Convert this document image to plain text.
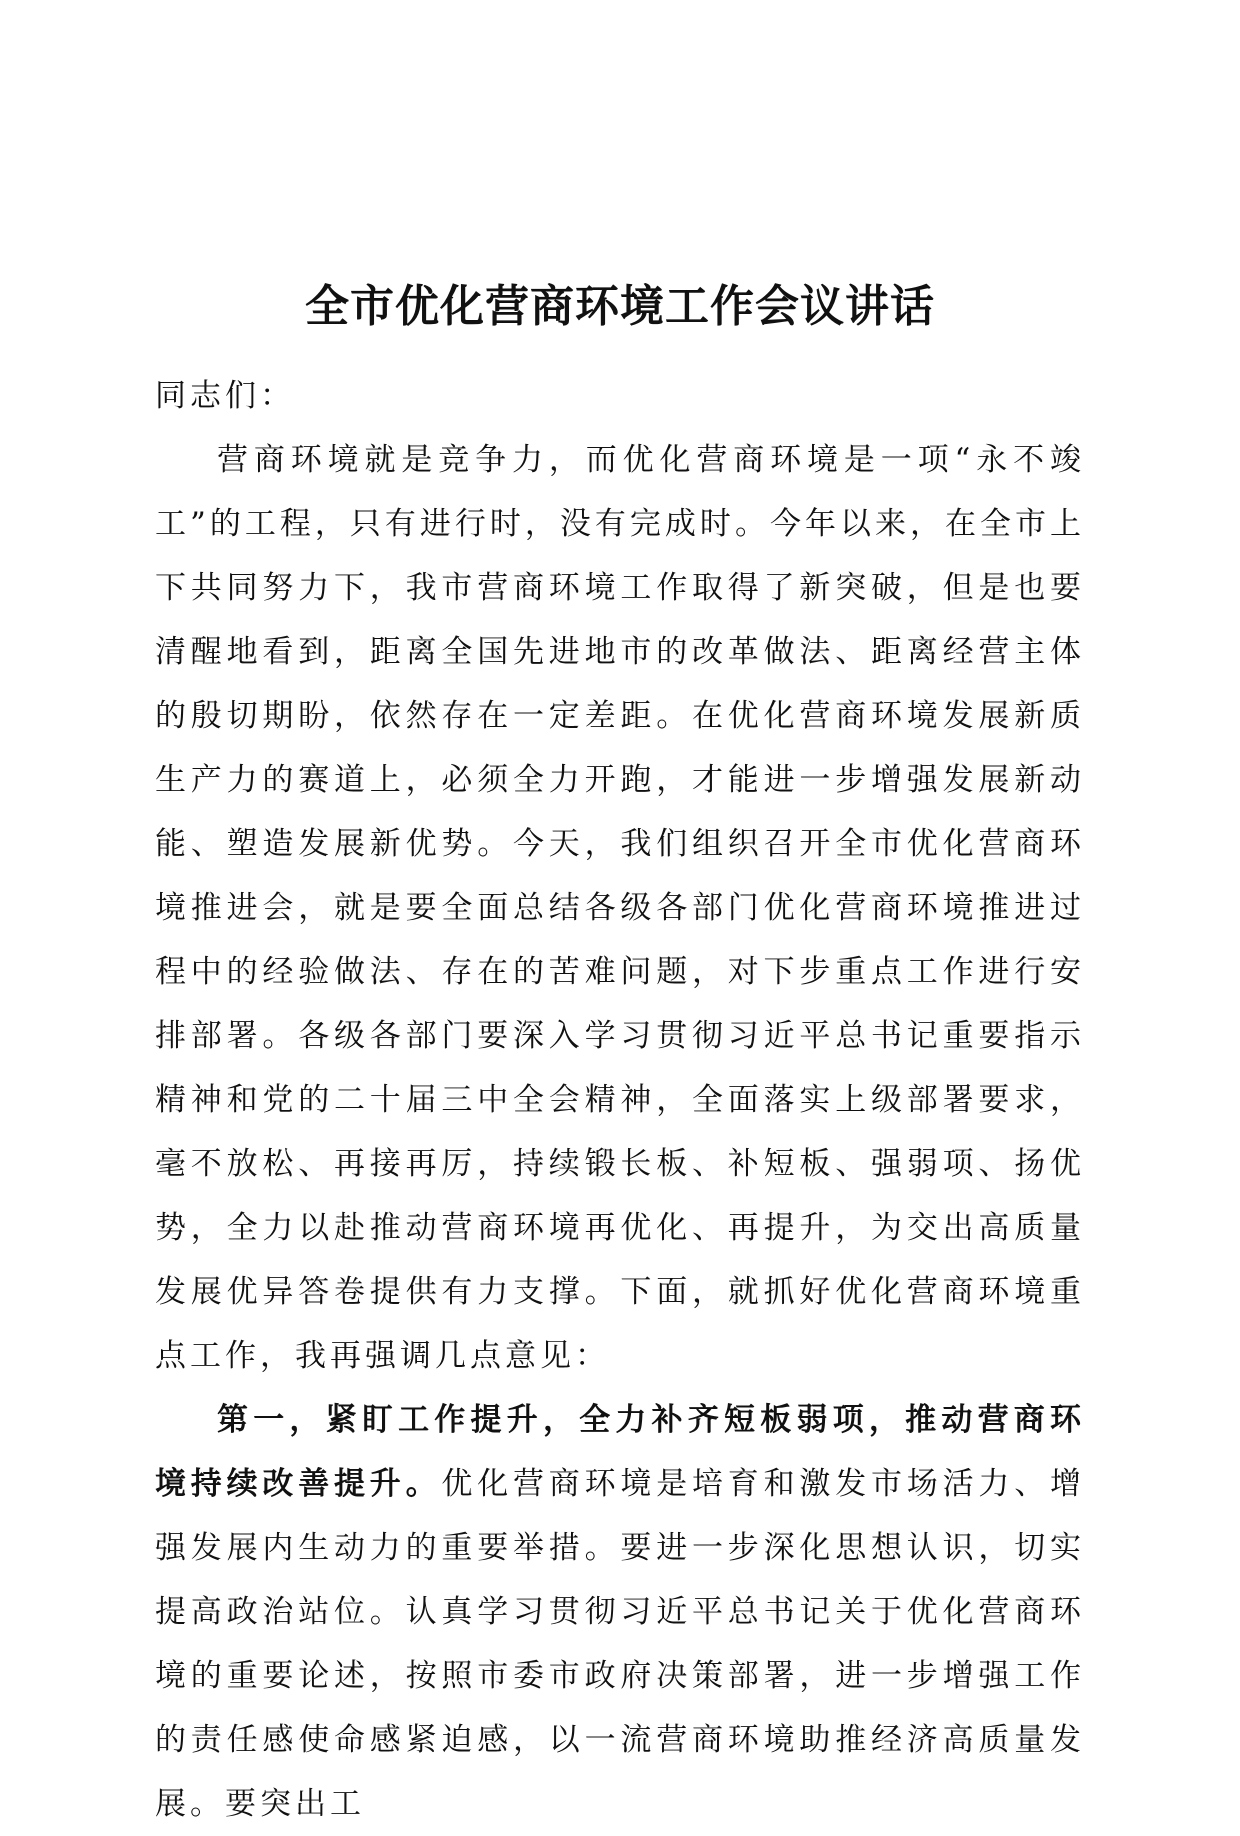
全市优化营商环境工作会议讲话

同志们：

营商环境就是竞争力，而优化营商环境是一项“永不竣工”的工程，只有进行时，没有完成时。今年以来，在全市上下共同努力下，我市营商环境工作取得了新突破，但是也要清醒地看到，距离全国先进地市的改革做法、距离经营主体的殷切期盼，依然存在一定差距。在优化营商环境发展新质生产力的赛道上，必须全力开跑，才能进一步增强发展新动能、塑造发展新优势。今天，我们组织召开全市优化营商环境推进会，就是要全面总结各级各部门优化营商环境推进过程中的经验做法、存在的苦难问题，对下步重点工作进行安排部署。各级各部门要深入学习贯彻习近平总书记重要指示精神和党的二十届三中全会精神，全面落实上级部署要求，毫不放松、再接再厉，持续锻长板、补短板、强弱项、扬优势，全力以赴推动营商环境再优化、再提升，为交出高质量发展优异答卷提供有力支撑。下面，就抓好优化营商环境重点工作，我再强调几点意见：

第一，紧盯工作提升，全力补齐短板弱项，推动营商环境持续改善提升。优化营商环境是培育和激发市场活力、增强发展内生动力的重要举措。要进一步深化思想认识，切实提高政治站位。认真学习贯彻习近平总书记关于优化营商环境的重要论述，按照市委市政府决策部署，进一步增强工作的责任感使命感紧迫感，以一流营商环境助推经济高质量发展。要突出工
